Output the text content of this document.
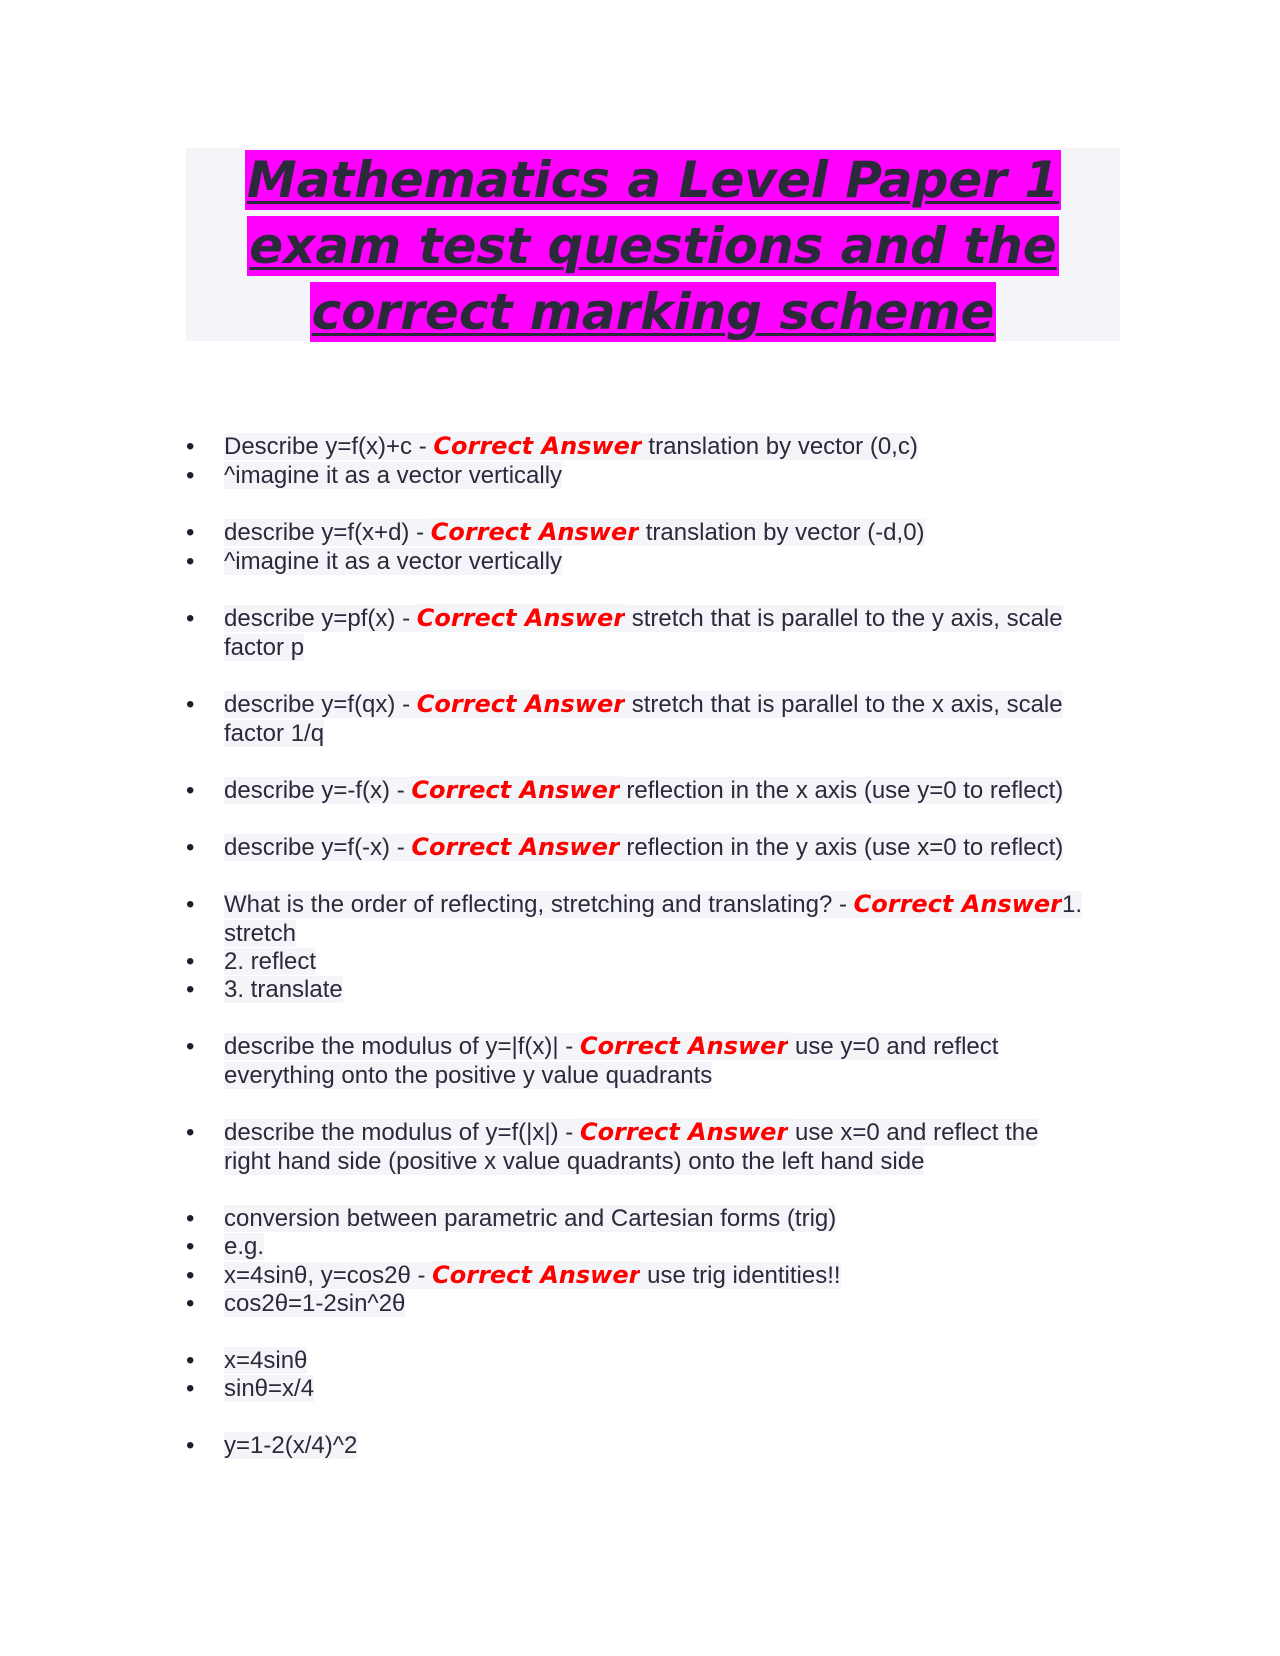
Mathematics a Level Paper 1
exam test questions and the
correct marking scheme
• Describe y=f(x)+c - Correct Answer translation by vector (0,c)
• ^imagine it as a vector vertically
• describe y=f(x+d) - Correct Answer translation by vector (-d,0)
• ^imagine it as a vector vertically
• describe y=pf(x) - Correct Answer stretch that is parallel to the y axis, scale
factor p
• describe y=f(qx) - Correct Answer stretch that is parallel to the x axis, scale
factor 1/q
• describe y=-f(x) - Correct Answer reflection in the x axis (use y=0 to reflect)
• describe y=f(-x) - Correct Answer reflection in the y axis (use x=0 to reflect)
• What is the order of reflecting, stretching and translating? - Correct Answer1.
stretch
• 2. reflect
• 3. translate
• describe the modulus of y=|f(x)| - Correct Answer use y=0 and reflect
everything onto the positive y value quadrants
• describe the modulus of y=f(|x|) - Correct Answer use x=0 and reflect the
right hand side (positive x value quadrants) onto the left hand side
• conversion between parametric and Cartesian forms (trig)
• e.g.
• x=4sinθ, y=cos2θ - Correct Answer use trig identities!!
• cos2θ=1-2sin^2θ
• x=4sinθ
• sinθ=x/4
• y=1-2(x/4)^2
